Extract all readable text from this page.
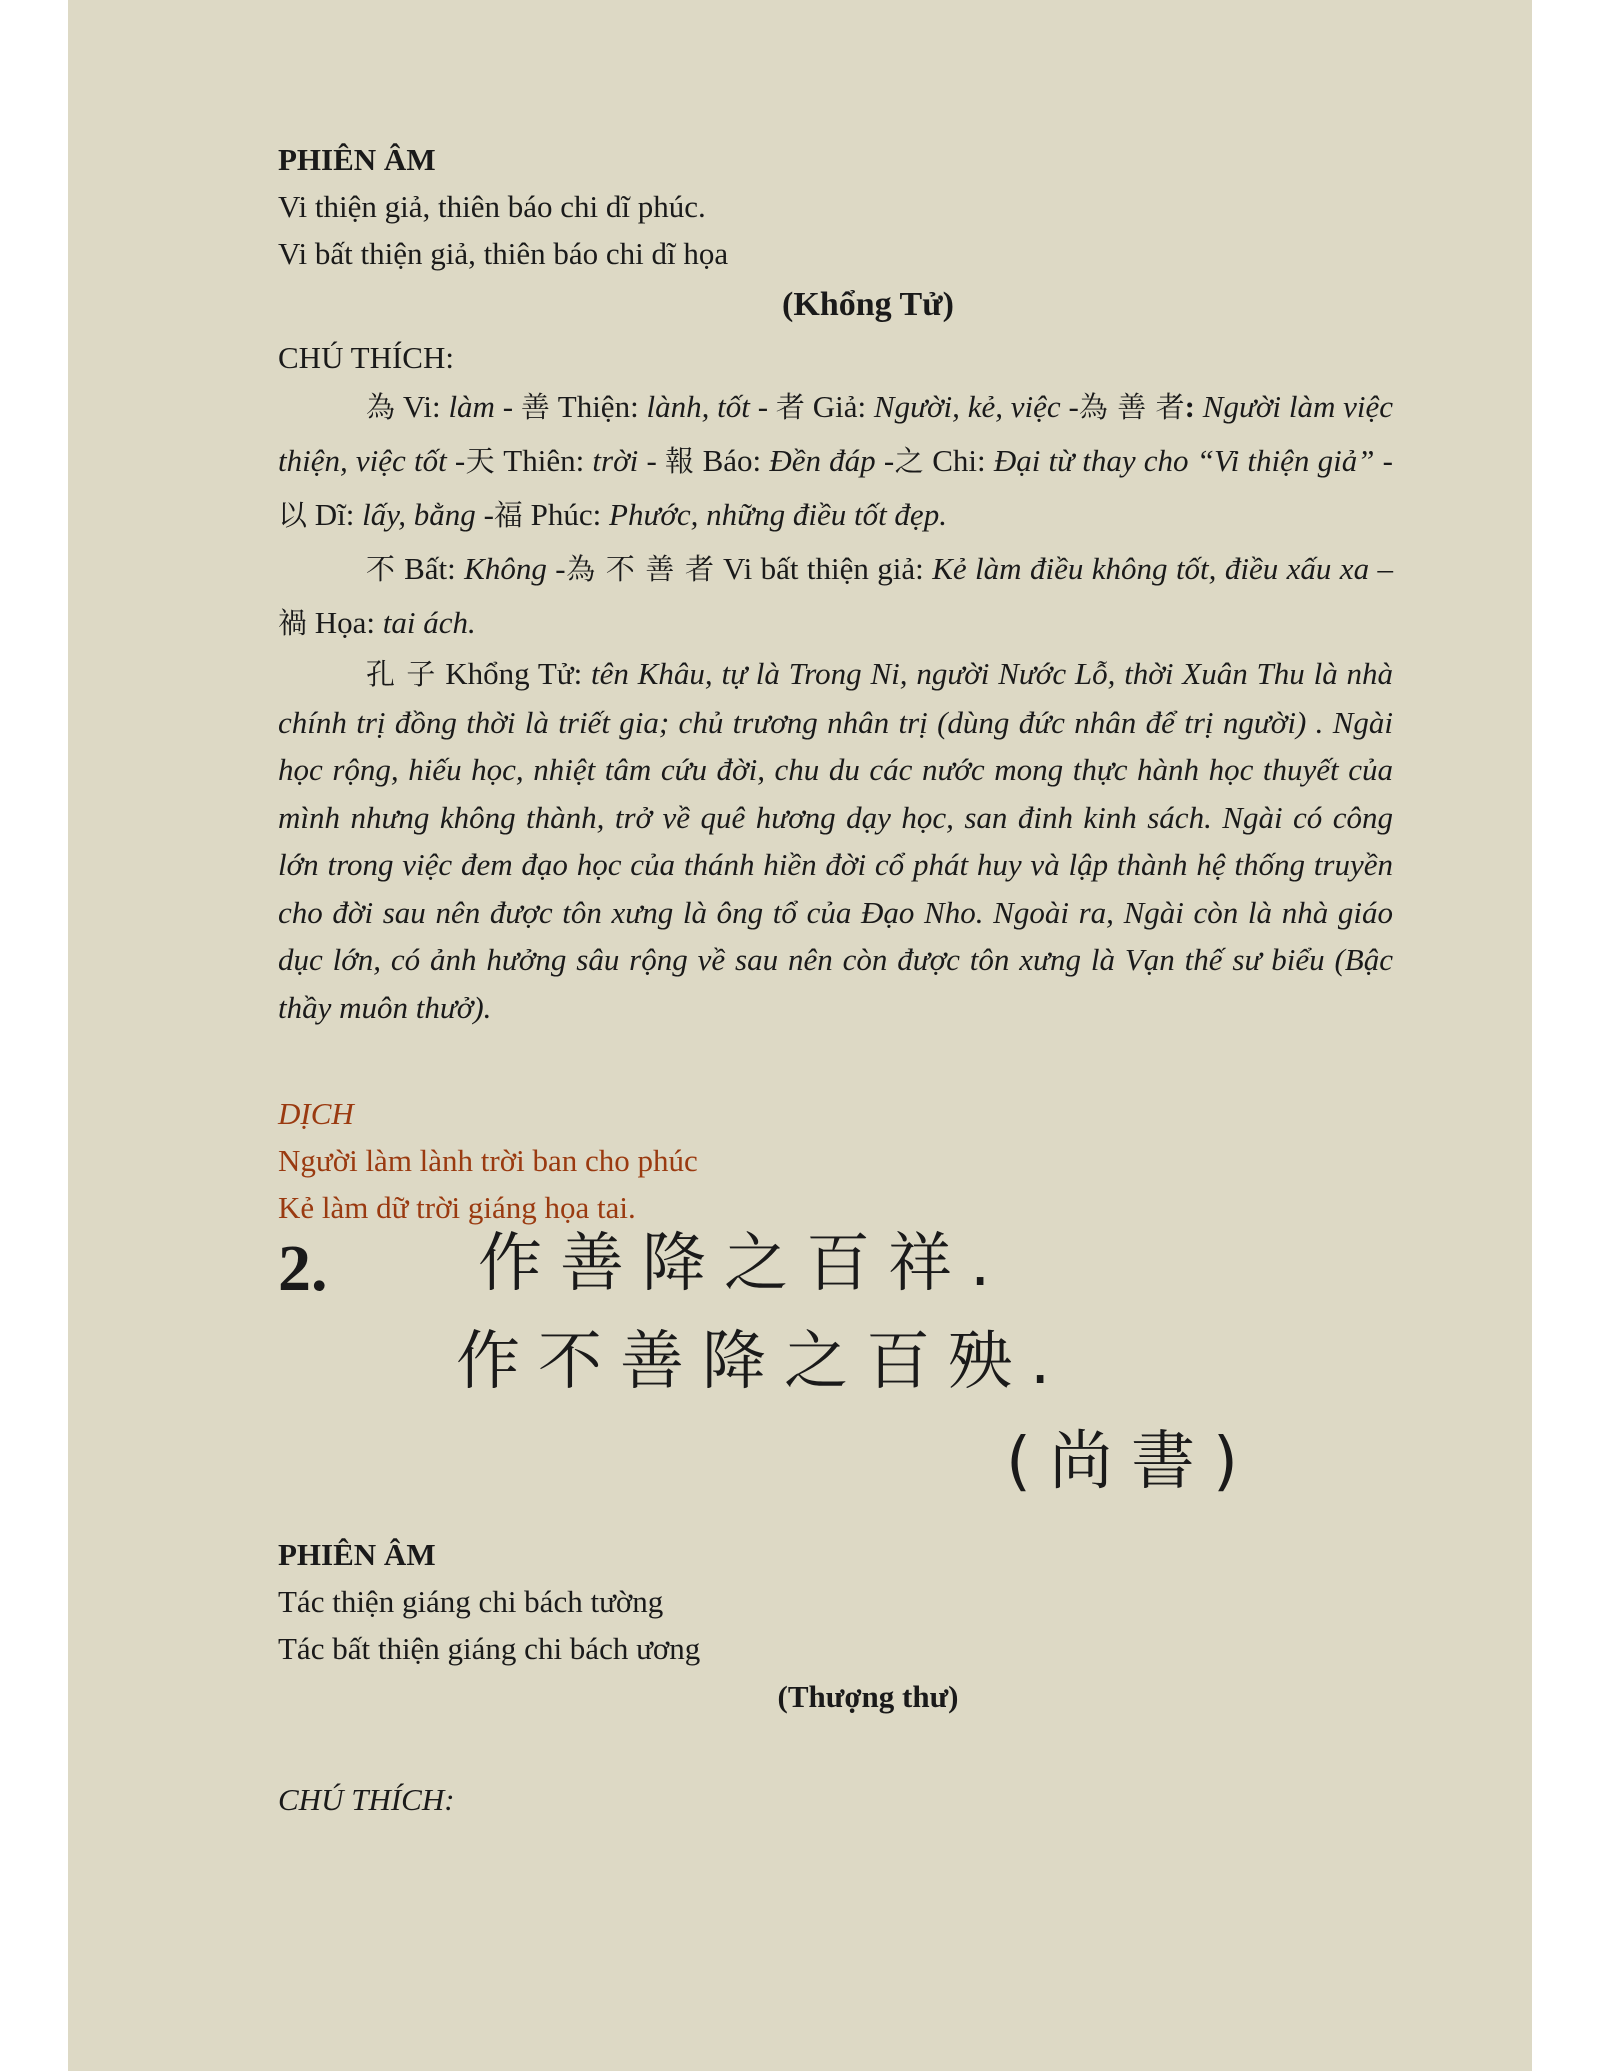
PHIÊN ÂM
Vi thiện giả, thiên báo chi dĩ phúc.
Vi bất thiện giả, thiên báo chi dĩ họa
(Khổng Tử)
CHÚ THÍCH:
為 Vi: làm - 善 Thiện: lành, tốt - 者 Giả: Người, kẻ, việc -為 善 者: Người làm việc thiện, việc tốt -天 Thiên: trời - 報 Báo: Đền đáp -之 Chi: Đại từ thay cho “Vi thiện giả” -以 Dĩ: lấy, bằng -福 Phúc: Phước, những điều tốt đẹp.
不 Bất: Không -為 不 善 者 Vi bất thiện giả: Kẻ làm điều không tốt, điều xấu xa – 禍 Họa: tai ách.
孔 子 Khổng Tử: tên Khâu, tự là Trong Ni, người Nước Lỗ, thời Xuân Thu là nhà chính trị đồng thời là triết gia; chủ trương nhân trị (dùng đức nhân để trị người) . Ngài học rộng, hiếu học, nhiệt tâm cứu đời, chu du các nước mong thực hành học thuyết của mình nhưng không thành, trở về quê hương dạy học, san đinh kinh sách. Ngài có công lớn trong việc đem đạo học của thánh hiền đời cổ phát huy và lập thành hệ thống truyền cho đời sau nên được tôn xưng là ông tổ của Đạo Nho. Ngoài ra, Ngài còn là nhà giáo dục lớn, có ảnh hưởng sâu rộng về sau nên còn được tôn xưng là Vạn thế sư biểu (Bậc thầy muôn thưở).
DỊCH
Người làm lành trời ban cho phúc
Kẻ làm dữ trời giáng họa tai.
2. 作善降之百祥.
作不善降之百殃.
(尚書)
PHIÊN ÂM
Tác thiện giáng chi bách tường
Tác bất thiện giáng chi bách ương
(Thượng thư)
CHÚ THÍCH:
